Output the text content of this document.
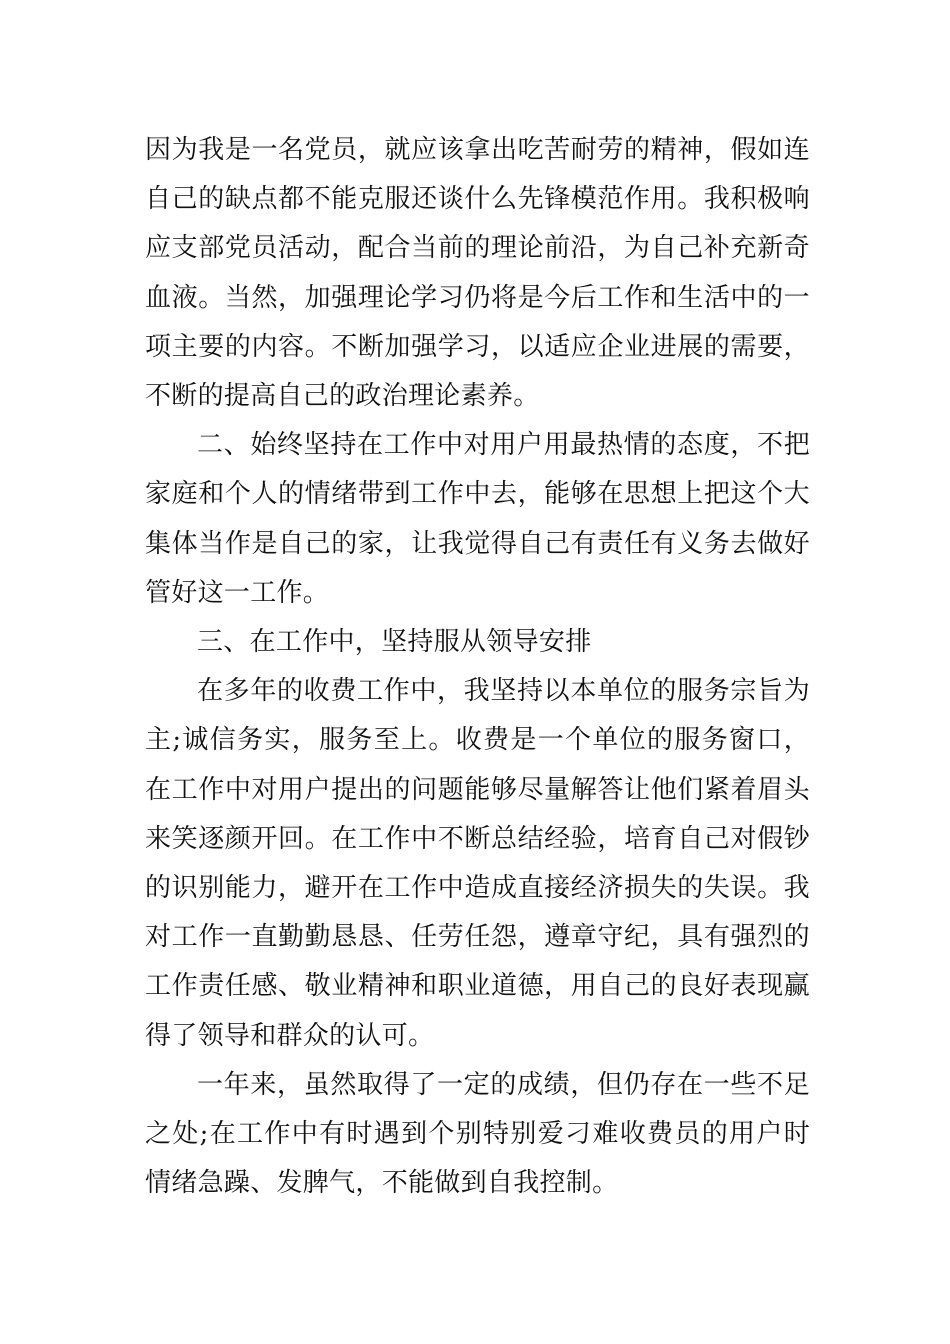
因为我是一名党员，就应该拿出吃苦耐劳的精神，假如连自己的缺点都不能克服还谈什么先锋模范作用。我积极响应支部党员活动，配合当前的理论前沿，为自己补充新奇血液。当然，加强理论学习仍将是今后工作和生活中的一项主要的内容。不断加强学习，以适应企业进展的需要，不断的提高自己的政治理论素养。

二、始终坚持在工作中对用户用最热情的态度，不把家庭和个人的情绪带到工作中去，能够在思想上把这个大集体当作是自己的家，让我觉得自己有责任有义务去做好管好这一工作。

三、在工作中，坚持服从领导安排

在多年的收费工作中，我坚持以本单位的服务宗旨为主;诚信务实，服务至上。收费是一个单位的服务窗口，在工作中对用户提出的问题能够尽量解答让他们紧着眉头来笑逐颜开回。在工作中不断总结经验，培育自己对假钞的识别能力，避开在工作中造成直接经济损失的失误。我对工作一直勤勤恳恳、任劳任怨，遵章守纪，具有强烈的工作责任感、敬业精神和职业道德，用自己的良好表现赢得了领导和群众的认可。

一年来，虽然取得了一定的成绩，但仍存在一些不足之处;在工作中有时遇到个别特别爱刁难收费员的用户时情绪急躁、发脾气，不能做到自我控制。
